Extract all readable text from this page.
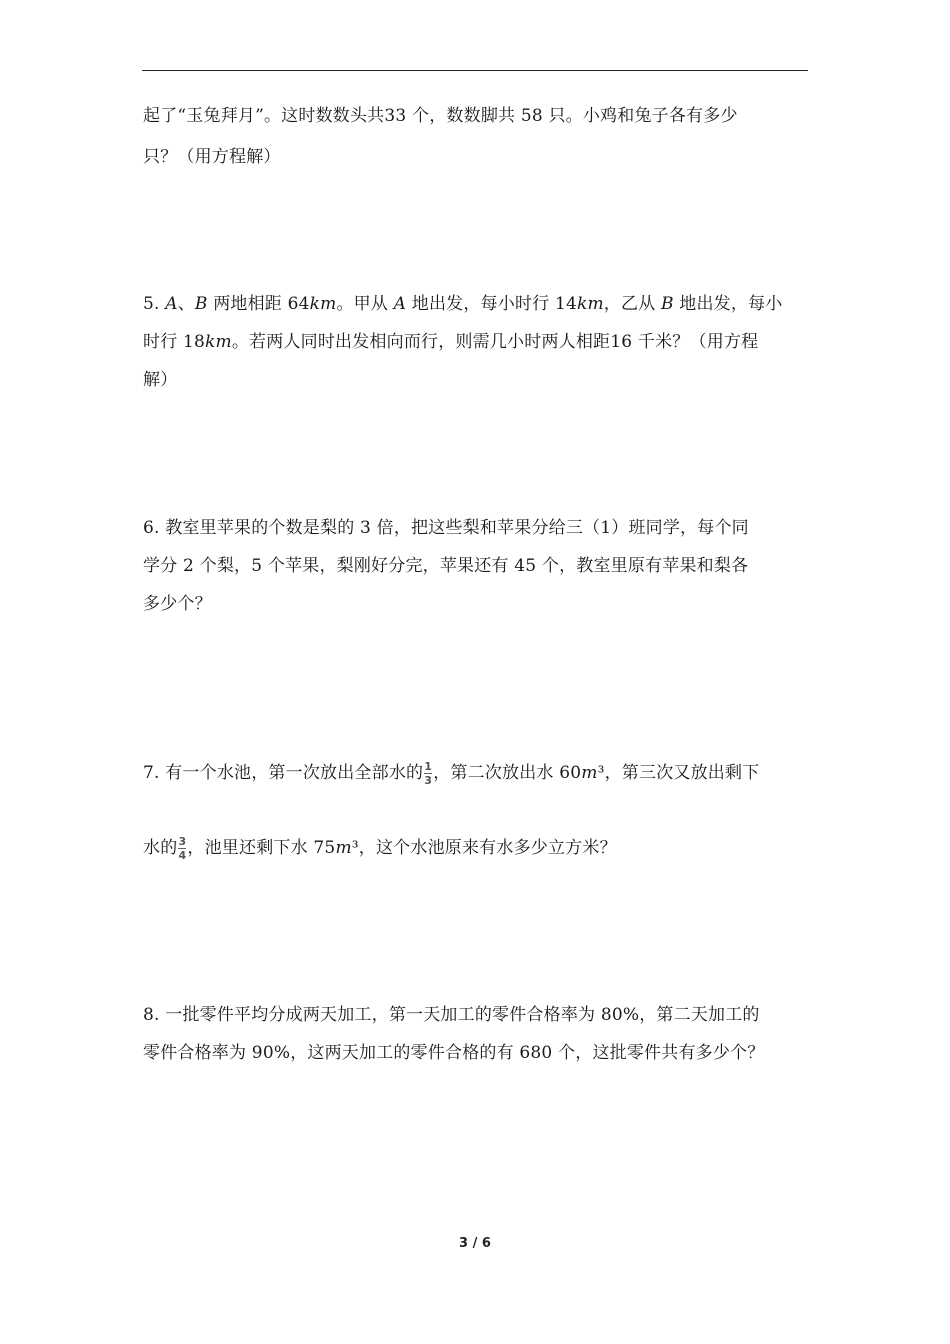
起了“玉兔拜月”。这时数数头共33 个，数数脚共 58 只。小鸡和兔子各有多少
只？（用方程解）
5. 𝐴、𝐵 两地相距 64𝑘𝑚。甲从 𝐴 地出发，每小时行 14𝑘𝑚，乙从 𝐵 地出发，每小
时行 18𝑘𝑚。若两人同时出发相向而行，则需几小时两人相距16 千米？（用方程
解）
6. 教室里苹果的个数是梨的 3 倍，把这些梨和苹果分给三（1）班同学，每个同
学分 2 个梨，5 个苹果，梨刚好分完，苹果还有 45 个，教室里原有苹果和梨各
多少个？
7. 有一个水池，第一次放出全部水的 $\frac{1}{3}$ ，第二次放出水 60𝑚³，第三次又放出剩下
水的 $\frac{3}{4}$ ，池里还剩下水 75𝑚³，这个水池原来有水多少立方米？
8. 一批零件平均分成两天加工，第一天加工的零件合格率为 80%，第二天加工的
零件合格率为 90%，这两天加工的零件合格的有 680 个，这批零件共有多少个？
3 / 6
